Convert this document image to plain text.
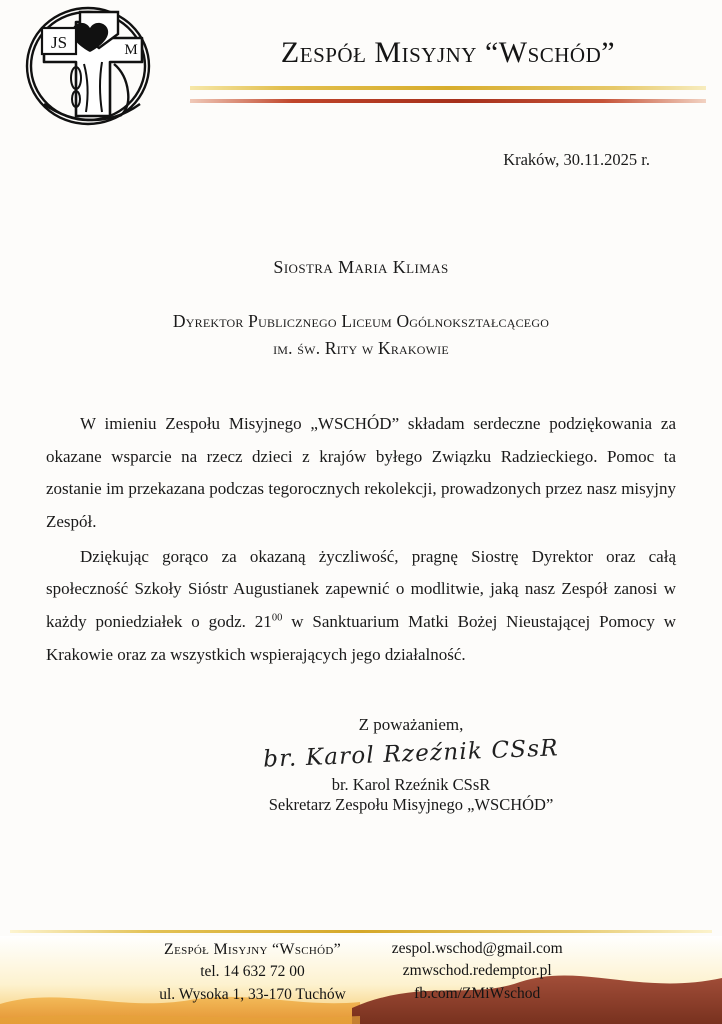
JS	M	Zespół Misyjny “Wschód”
Kraków, 30.11.2025 r.
Siostra Maria Klimas
Dyrektor Publicznego Liceum Ogólnokształcącego
im. św. Rity w Krakowie

W imieniu Zespołu Misyjnego „WSCHÓD” składam serdeczne podziękowania za okazane wsparcie na rzecz dzieci z krajów byłego Związku Radzieckiego. Pomoc ta zostanie im przekazana podczas tegorocznych rekolekcji, prowadzonych przez nasz misyjny Zespół.

Dziękując gorąco za okazaną życzliwość, pragnę Siostrę Dyrektor oraz całą społeczność Szkoły Sióstr Augustianek zapewnić o modlitwie, jaką nasz Zespół zanosi w każdy poniedziałek o godz. $21^{00}$ w Sanktuarium Matki Bożej Nieustającej Pomocy w Krakowie oraz za wszystkich wspierających jego działalność.

Z poważaniem,
br. Karol Rzeźnik CSsR
br. Karol Rzeźnik CSsR
Sekretarz Zespołu Misyjnego „WSCHÓD”
Zespół Misyjny “Wschód”
tel. 14 632 72 00
ul. Wysoka 1, 33-170 Tuchów
zespol.wschod@gmail.com
zmwschod.redemptor.pl
fb.com/ZMiWschod
